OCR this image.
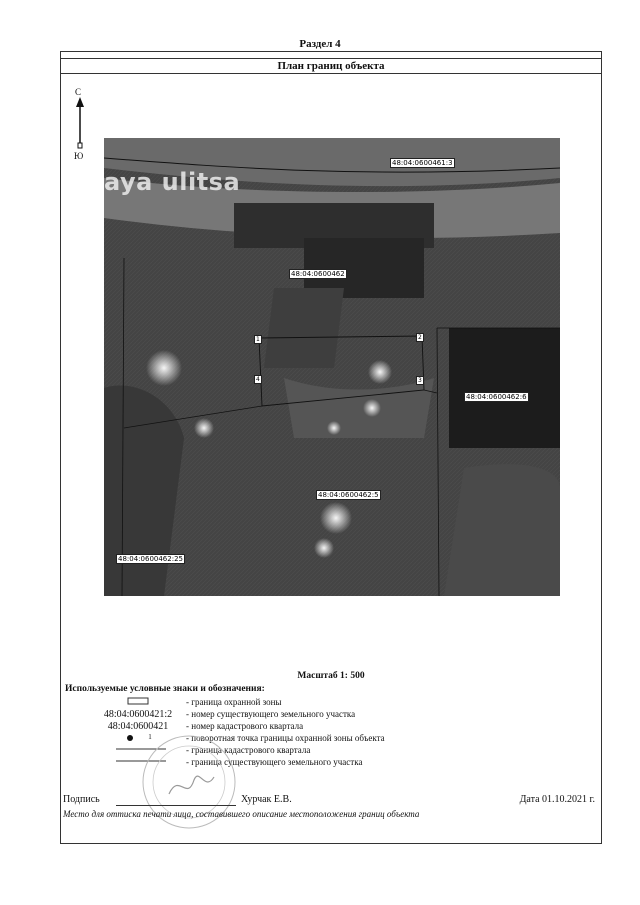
Раздел 4
План границ объекта
С
Ю
aya ulitsa
48:04:0600461:3
48:04:0600462
48:04:0600462:6
48:04:0600462:5
48:04:0600462:25
1	2
3
4
Масштаб 1: 500
Используемые условные знаки и обозначения:
- граница охранной зоны
48:04:0600421:2	- номер существующего земельного участка
48:04:0600421	- номер кадастрового квартала
$^1$	- поворотная точка границы охранной зоны объекта
- граница кадастрового квартала
- граница существующего земельного участка
Подпись	Хурчак Е.В.	Дата 01.10.2021 г.
Место для оттиска печати лица, составившего описание местоположения границ объекта
